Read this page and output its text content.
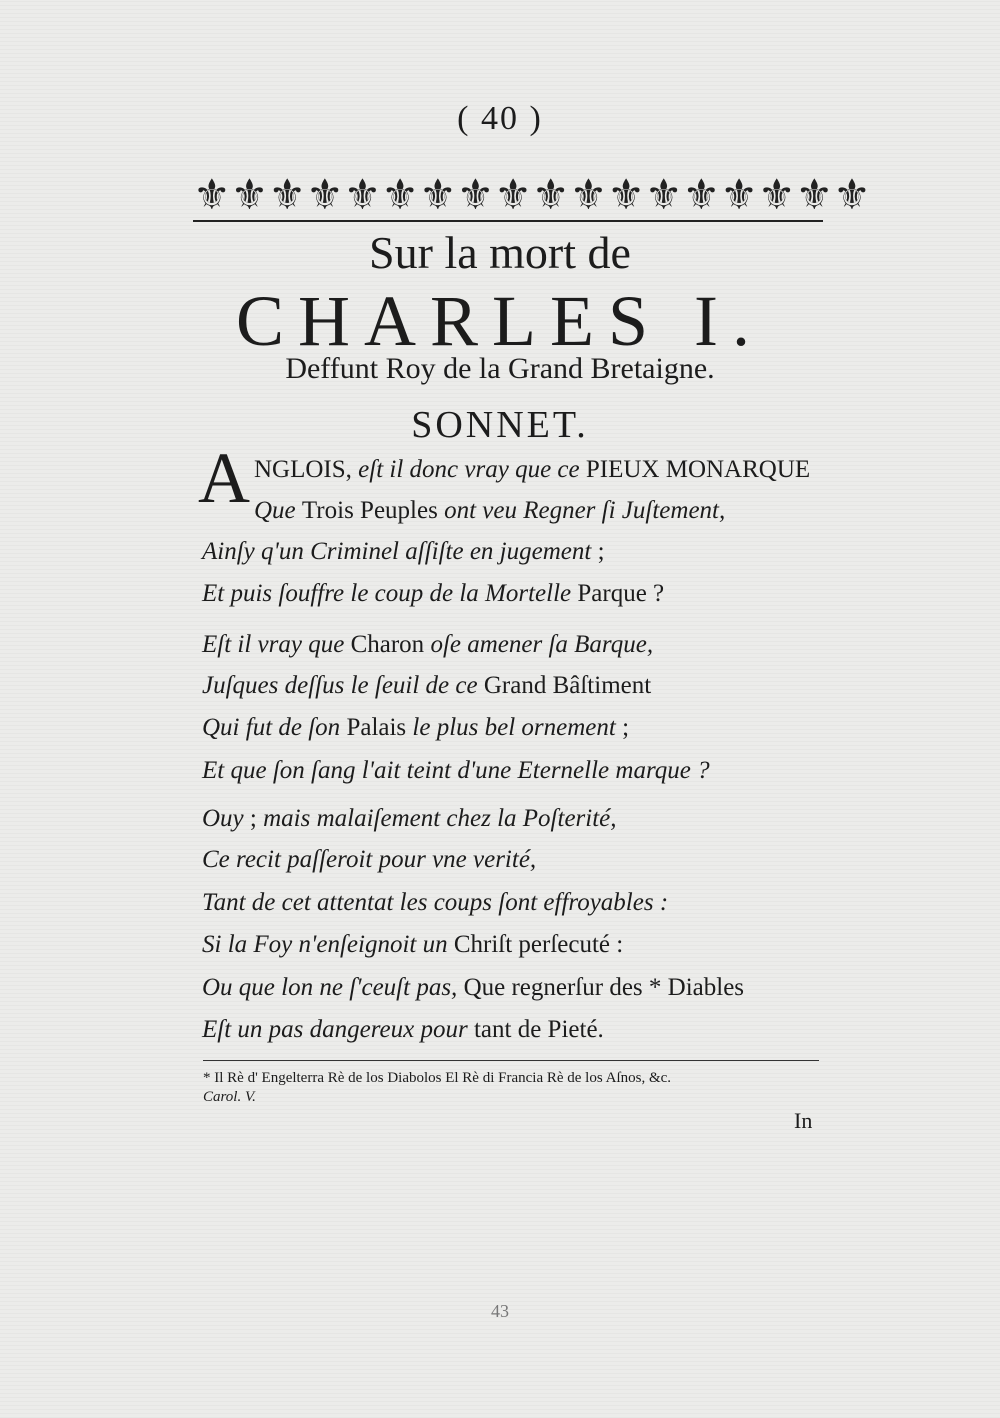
( 40 )
⚜ ⚜ ⚜ ⚜ ⚜ ⚜ ⚜ ⚜ ⚜ ⚜ ⚜ ⚜ ⚜ ⚜ ⚜ ⚜ ⚜ ⚜
Sur la mort de
CHARLES I.
Deffunt Roy de la Grand Bretaigne.
SONNET.
A NGLOIS, eſt il donc vray que ce PIEUX MONARQUE
Que Trois Peuples ont veu Regner ſi Juſtement,
Ainſy q'un Criminel aſſiſte en jugement ;
Et puis ſouffre le coup de la Mortelle Parque ?
Eſt il vray que Charon oſe amener ſa Barque,
Juſques deſſus le ſeuil de ce Grand Bâſtiment
Qui fut de ſon Palais le plus bel ornement ;
Et que ſon ſang l'ait teint d'une Eternelle marque ?
Ouy ; mais malaiſement chez la Poſterité,
Ce recit paſſeroit pour vne verité,
Tant de cet attentat les coups ſont effroyables :
Si la Foy n'enſeignoit un Chriſt perſecuté :
Ou que lon ne ſ'ceuſt pas, Que regnerſur des * Diables
Eſt un pas dangereux pour tant de Pieté.
* Il Rè d' Engelterra Rè de los Diabolos El Rè di Francia Rè de los Aſnos, &c.
Carol. V.
In
43
